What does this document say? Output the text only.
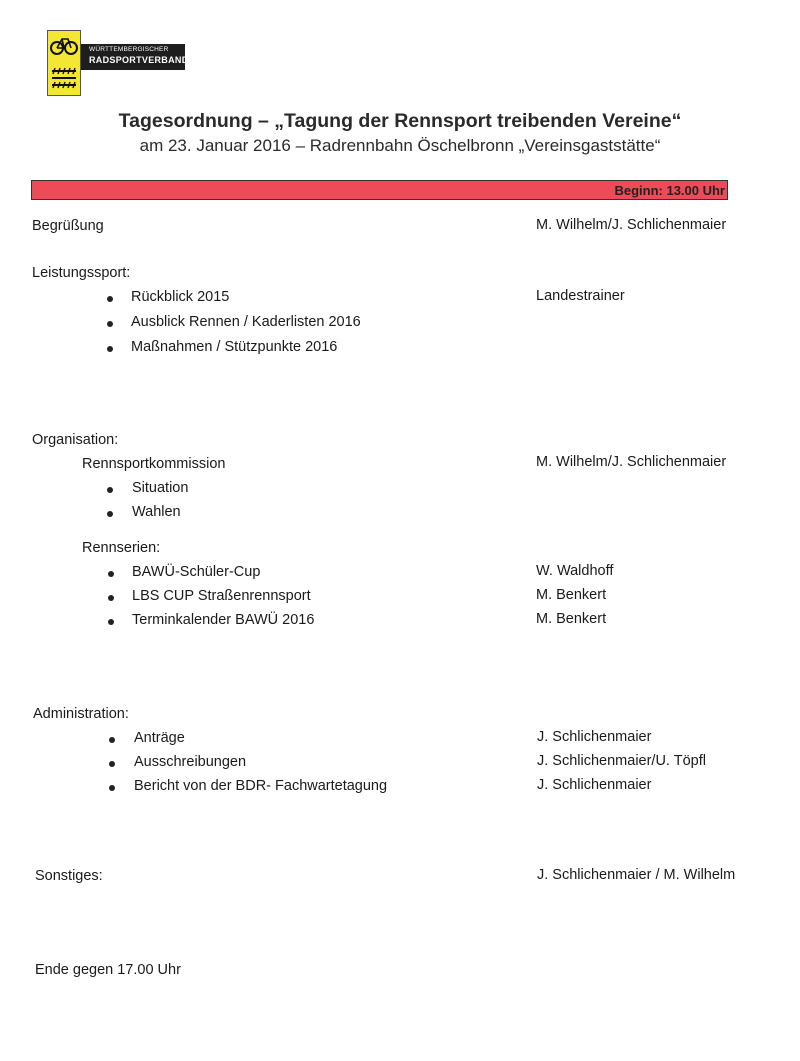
WÜRTTEMBERGISCHER
RADSPORTVERBAND e.V.
Tagesordnung – „Tagung der Rennsport treibenden Vereine“
am 23. Januar 2016 – Radrennbahn Öschelbronn „Vereinsgaststätte“
Beginn: 13.00 Uhr
Begrüßung	M. Wilhelm/J. Schlichenmaier
Leistungssport:
Rückblick 2015	Landestrainer
Ausblick Rennen / Kaderlisten 2016
Maßnahmen / Stützpunkte 2016
Organisation:
Rennsportkommission	M. Wilhelm/J. Schlichenmaier
Situation
Wahlen
Rennserien:
BAWÜ-Schüler-Cup	W. Waldhoff
LBS CUP Straßenrennsport	M. Benkert
Terminkalender BAWÜ 2016	M. Benkert
Administration:
Anträge	J. Schlichenmaier
Ausschreibungen	J. Schlichenmaier/U. Töpfl
Bericht von der BDR- Fachwartetagung	J. Schlichenmaier
Sonstiges:	J. Schlichenmaier / M. Wilhelm
Ende gegen 17.00 Uhr
